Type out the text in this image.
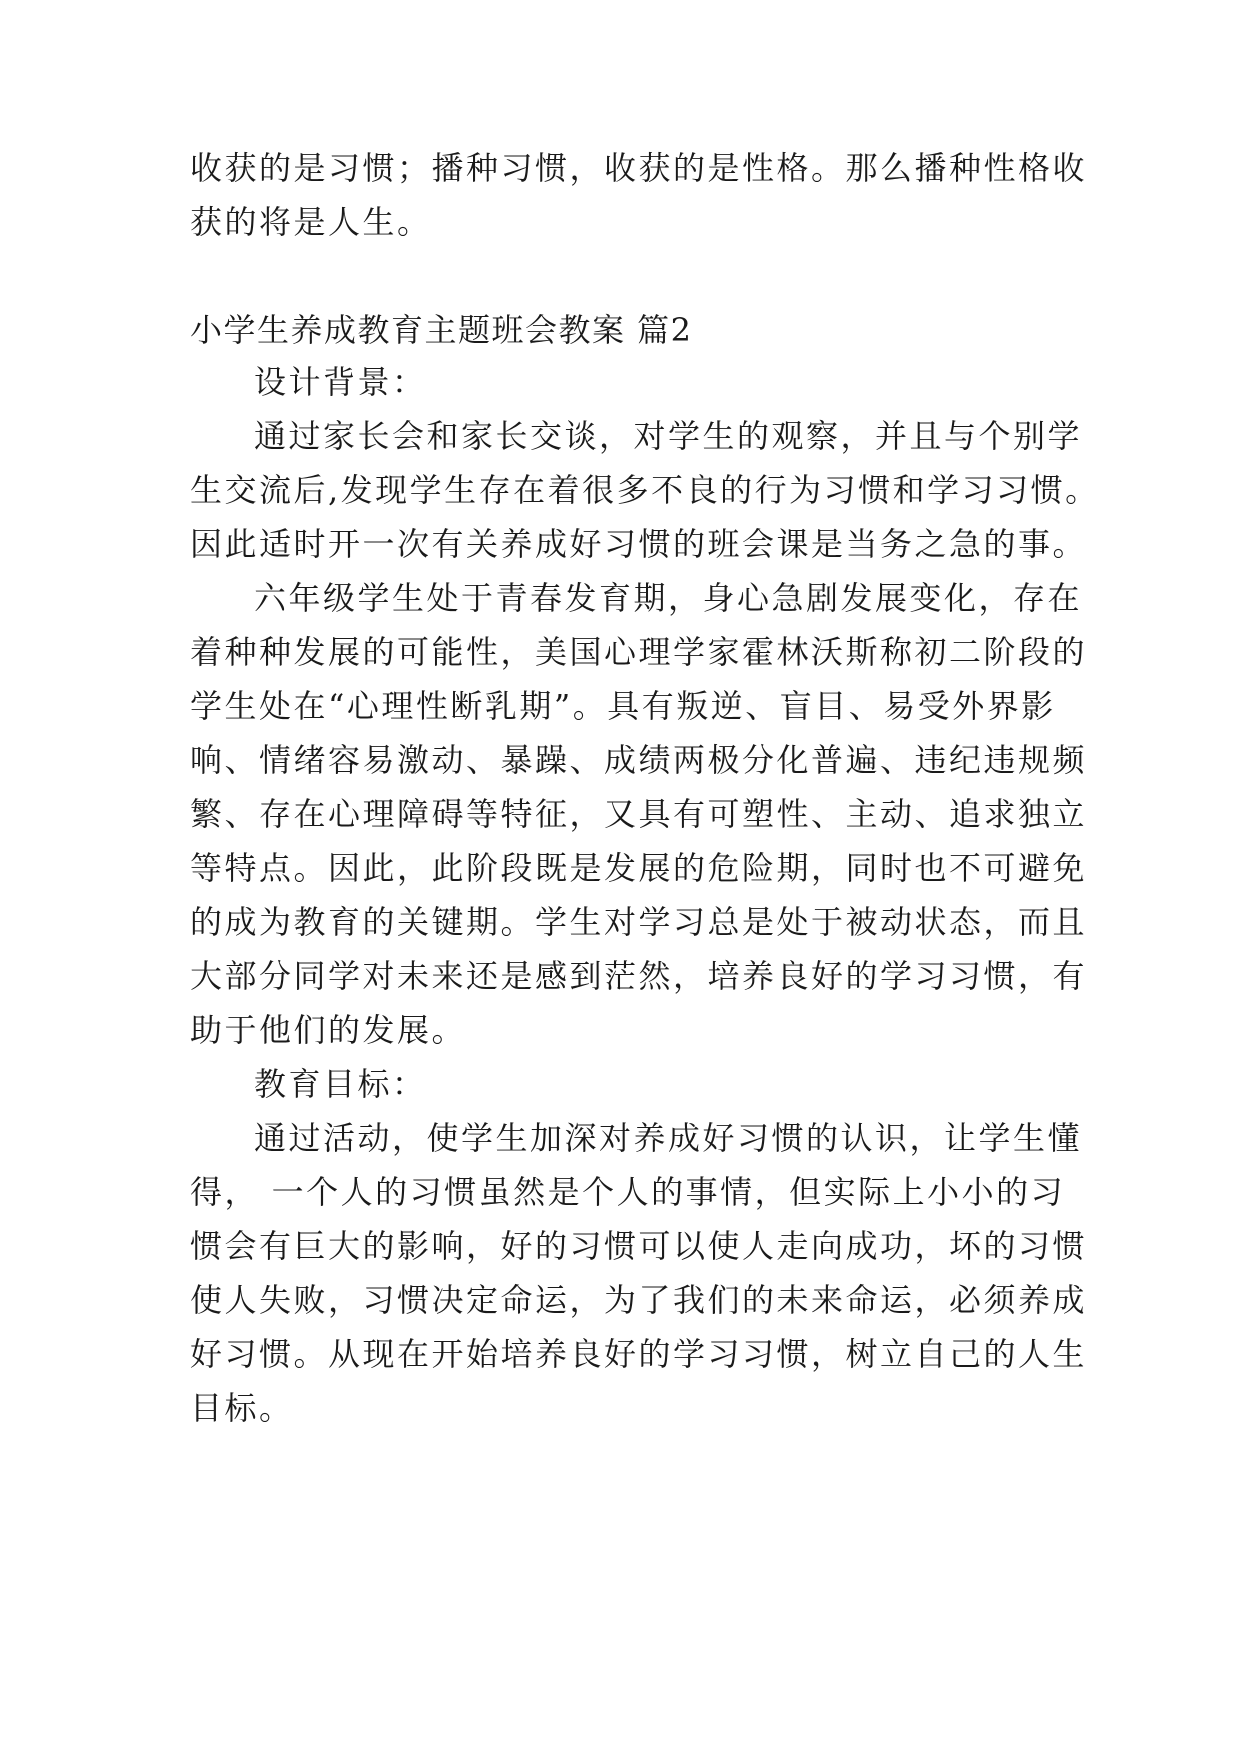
收获的是习惯；播种习惯，收获的是性格。那么播种性格收
获的将是人生。
小学生养成教育主题班会教案 篇2
设计背景：
通过家长会和家长交谈，对学生的观察，并且与个别学
生交流后,发现学生存在着很多不良的行为习惯和学习习惯。
因此适时开一次有关养成好习惯的班会课是当务之急的事。
六年级学生处于青春发育期，身心急剧发展变化，存在
着种种发展的可能性，美国心理学家霍林沃斯称初二阶段的
学生处在“心理性断乳期”。具有叛逆、盲目、易受外界影
响、情绪容易激动、暴躁、成绩两极分化普遍、违纪违规频
繁、存在心理障碍等特征，又具有可塑性、主动、追求独立
等特点。因此，此阶段既是发展的危险期，同时也不可避免
的成为教育的关键期。学生对学习总是处于被动状态，而且
大部分同学对未来还是感到茫然，培养良好的学习习惯，有
助于他们的发展。
教育目标：
通过活动，使学生加深对养成好习惯的认识，让学生懂
得， 一个人的习惯虽然是个人的事情，但实际上小小的习
惯会有巨大的影响，好的习惯可以使人走向成功，坏的习惯
使人失败，习惯决定命运，为了我们的未来命运，必须养成
好习惯。从现在开始培养良好的学习习惯，树立自己的人生
目标。
